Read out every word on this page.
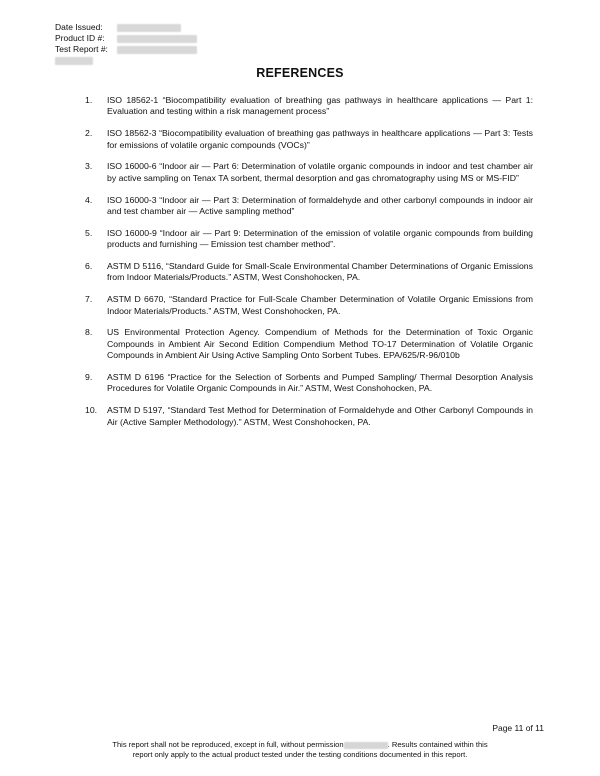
Date Issued:
Product ID #:
Test Report #:
REFERENCES
1. ISO 18562-1 “Biocompatibility evaluation of breathing gas pathways in healthcare applications — Part 1: Evaluation and testing within a risk management process”
2. ISO 18562-3 “Biocompatibility evaluation of breathing gas pathways in healthcare applications — Part 3: Tests for emissions of volatile organic compounds (VOCs)”
3. ISO 16000-6 “Indoor air — Part 6: Determination of volatile organic compounds in indoor and test chamber air by active sampling on Tenax TA sorbent, thermal desorption and gas chromatography using MS or MS-FID”
4. ISO 16000-3 “Indoor air — Part 3: Determination of formaldehyde and other carbonyl compounds in indoor air and test chamber air — Active sampling method”
5. ISO 16000-9 “Indoor air — Part 9: Determination of the emission of volatile organic compounds from building products and furnishing — Emission test chamber method”.
6. ASTM D 5116, “Standard Guide for Small-Scale Environmental Chamber Determinations of Organic Emissions from Indoor Materials/Products.” ASTM, West Conshohocken, PA.
7. ASTM D 6670, “Standard Practice for Full-Scale Chamber Determination of Volatile Organic Emissions from Indoor Materials/Products.” ASTM, West Conshohocken, PA.
8. US Environmental Protection Agency. Compendium of Methods for the Determination of Toxic Organic Compounds in Ambient Air Second Edition Compendium Method TO-17 Determination of Volatile Organic Compounds in Ambient Air Using Active Sampling Onto Sorbent Tubes. EPA/625/R-96/010b
9. ASTM D 6196 “Practice for the Selection of Sorbents and Pumped Sampling/ Thermal Desorption Analysis Procedures for Volatile Organic Compounds in Air.” ASTM, West Conshohocken, PA.
10. ASTM D 5197, “Standard Test Method for Determination of Formaldehyde and Other Carbonyl Compounds in Air (Active Sampler Methodology).” ASTM, West Conshohocken, PA.
Page 11 of 11
This report shall not be reproduced, except in full, without permission	. Results contained within this
report only apply to the actual product tested under the testing conditions documented in this report.
